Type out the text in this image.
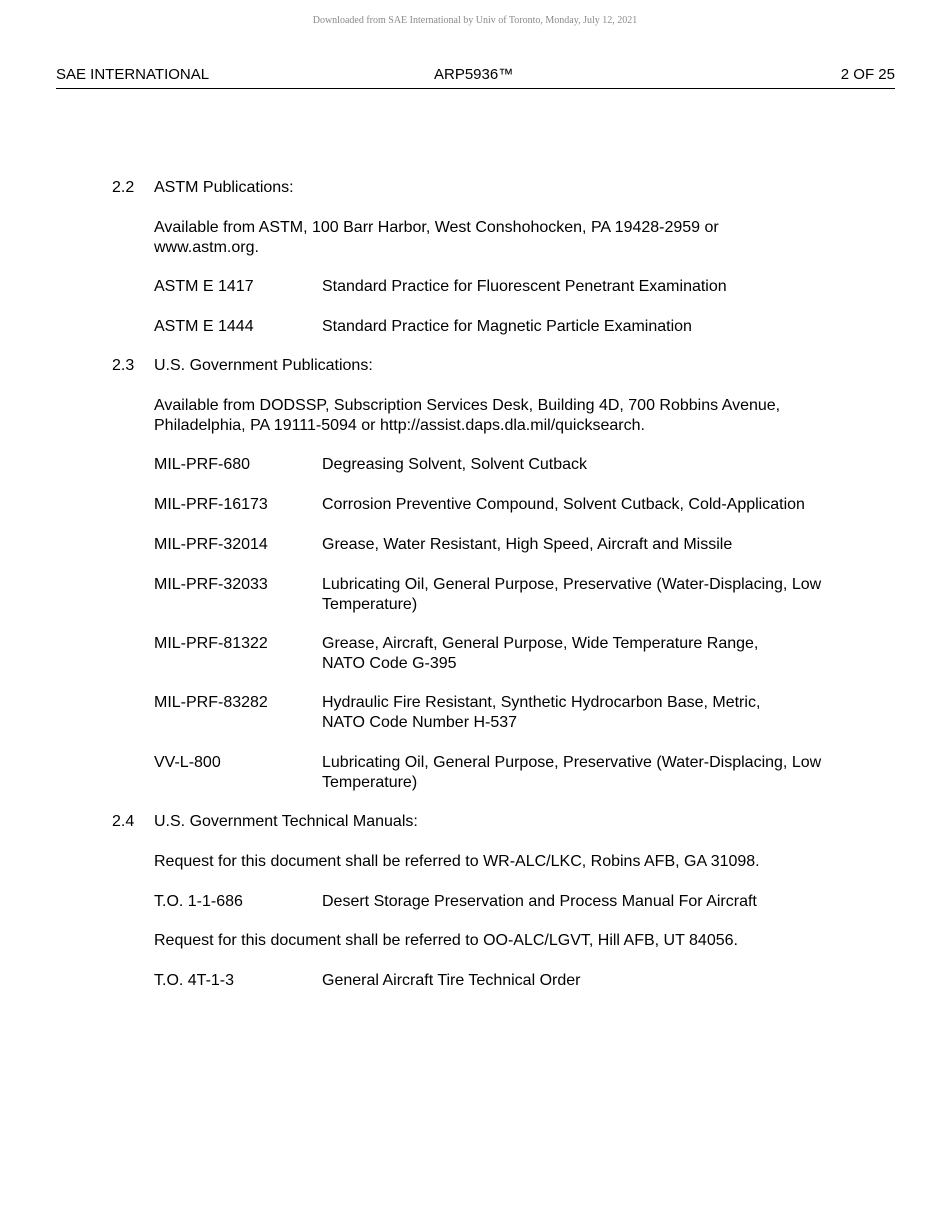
Downloaded from SAE International by Univ of Toronto, Monday, July 12, 2021
SAE INTERNATIONAL	ARP5936™	2 OF 25
2.2 ASTM Publications:
Available from ASTM, 100 Barr Harbor, West Conshohocken, PA 19428-2959 or www.astm.org.
ASTM E 1417	Standard Practice for Fluorescent Penetrant Examination
ASTM E 1444	Standard Practice for Magnetic Particle Examination
2.3 U.S. Government Publications:
Available from DODSSP, Subscription Services Desk, Building 4D, 700 Robbins Avenue, Philadelphia, PA 19111-5094 or http://assist.daps.dla.mil/quicksearch.
MIL-PRF-680	Degreasing Solvent, Solvent Cutback
MIL-PRF-16173	Corrosion Preventive Compound, Solvent Cutback, Cold-Application
MIL-PRF-32014	Grease, Water Resistant, High Speed, Aircraft and Missile
MIL-PRF-32033	Lubricating Oil, General Purpose, Preservative (Water-Displacing, Low Temperature)
MIL-PRF-81322	Grease, Aircraft, General Purpose, Wide Temperature Range, NATO Code G-395
MIL-PRF-83282	Hydraulic Fire Resistant, Synthetic Hydrocarbon Base, Metric, NATO Code Number H-537
VV-L-800	Lubricating Oil, General Purpose, Preservative (Water-Displacing, Low Temperature)
2.4 U.S. Government Technical Manuals:
Request for this document shall be referred to WR-ALC/LKC, Robins AFB, GA 31098.
T.O. 1-1-686	Desert Storage Preservation and Process Manual For Aircraft
Request for this document shall be referred to OO-ALC/LGVT, Hill AFB, UT 84056.
T.O. 4T-1-3	General Aircraft Tire Technical Order
